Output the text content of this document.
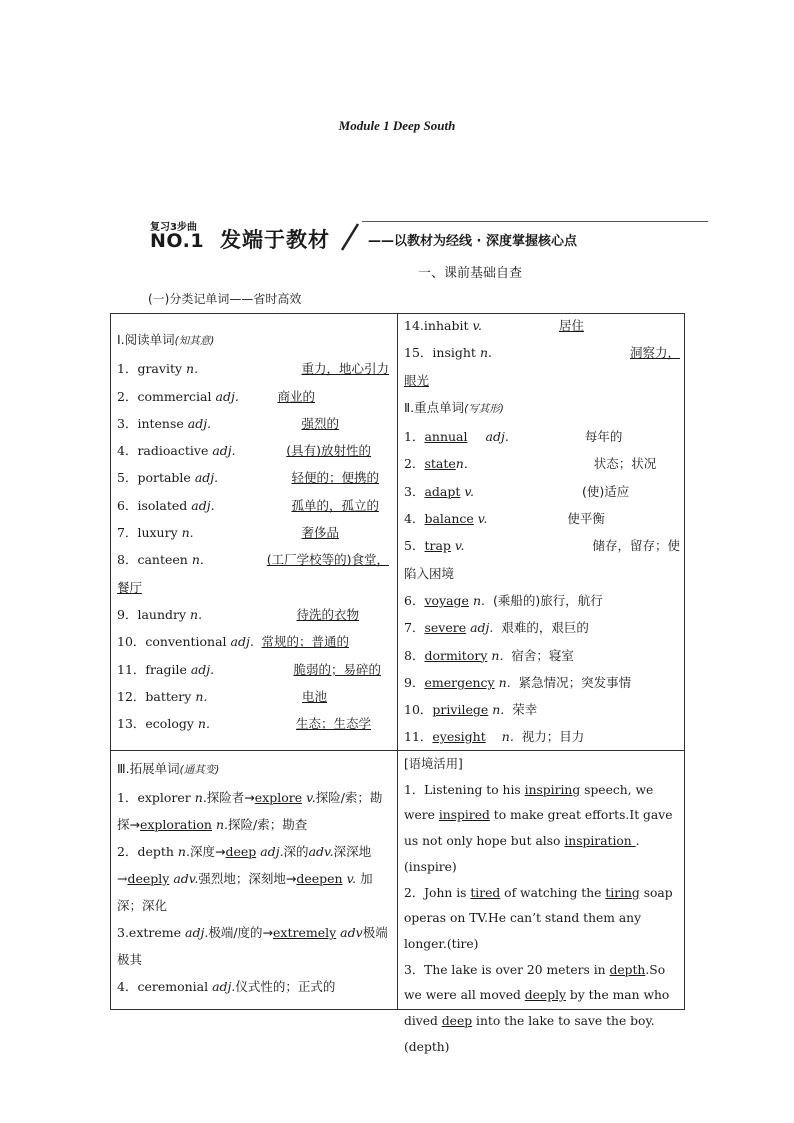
Module 1 Deep South
复习3步曲
NO.1 发端于教材	——以教材为经线 · 深度掌握核心点
一、课前基础自查
(一)分类记单词——省时高效
Ⅰ.阅读单词(知其意)
1．gravity n.	重力，地心引力
2．commercial adj.	商业的
3．intense adj.	强烈的
4．radioactive adj.	(具有)放射性的
5．portable adj.	轻便的；便携的
6．isolated adj.	孤单的，孤立的
7．luxury n.	奢侈品
8．canteen n.	(工厂学校等的)食堂，
餐厅
9．laundry n.	待洗的衣物
10．conventional adj. 常规的；普通的
11．fragile adj.	脆弱的；易碎的
12．battery n.	电池
13．ecology n.	生态；生态学
14.inhabit v.	居住
15．insight n.	洞察力，
眼光
Ⅱ.重点单词(写其形)
1．annual adj.	每年的
2．staten.	状态；状况
3．adapt v.	(使)适应
4．balance v.	使平衡
5．trap v.	储存，留存；使
陷入困境
6．voyage n. (乘船的)旅行，航行
7．severe adj. 艰难的，艰巨的
8．dormitory n. 宿舍；寝室
9．emergency n. 紧急情况；突发事情
10．privilege n. 荣幸
11．eyesight n. 视力；目力
Ⅲ.拓展单词(通其变)
1．explorer n.探险者→explore v.探险/索；勘探→exploration n.探险/索；勘查
2．depth n.深度→deep adj.深的adv.深深地→deeply adv.强烈地；深刻地→deepen v. 加深；深化
3.extreme adj.极端/度的→extremely adv极端极其
4．ceremonial adj.仪式性的；正式的
[语境活用]
1．Listening to his inspiring speech, we were inspired to make great efforts.It gave us not only hope but also inspiration .(inspire)
2．John is tired of watching the tiring soap operas on TV.He can’t stand them any longer.(tire)
3．The lake is over 20 meters in depth.So we were all moved deeply by the man who dived deep into the lake to save the boy.(depth)
